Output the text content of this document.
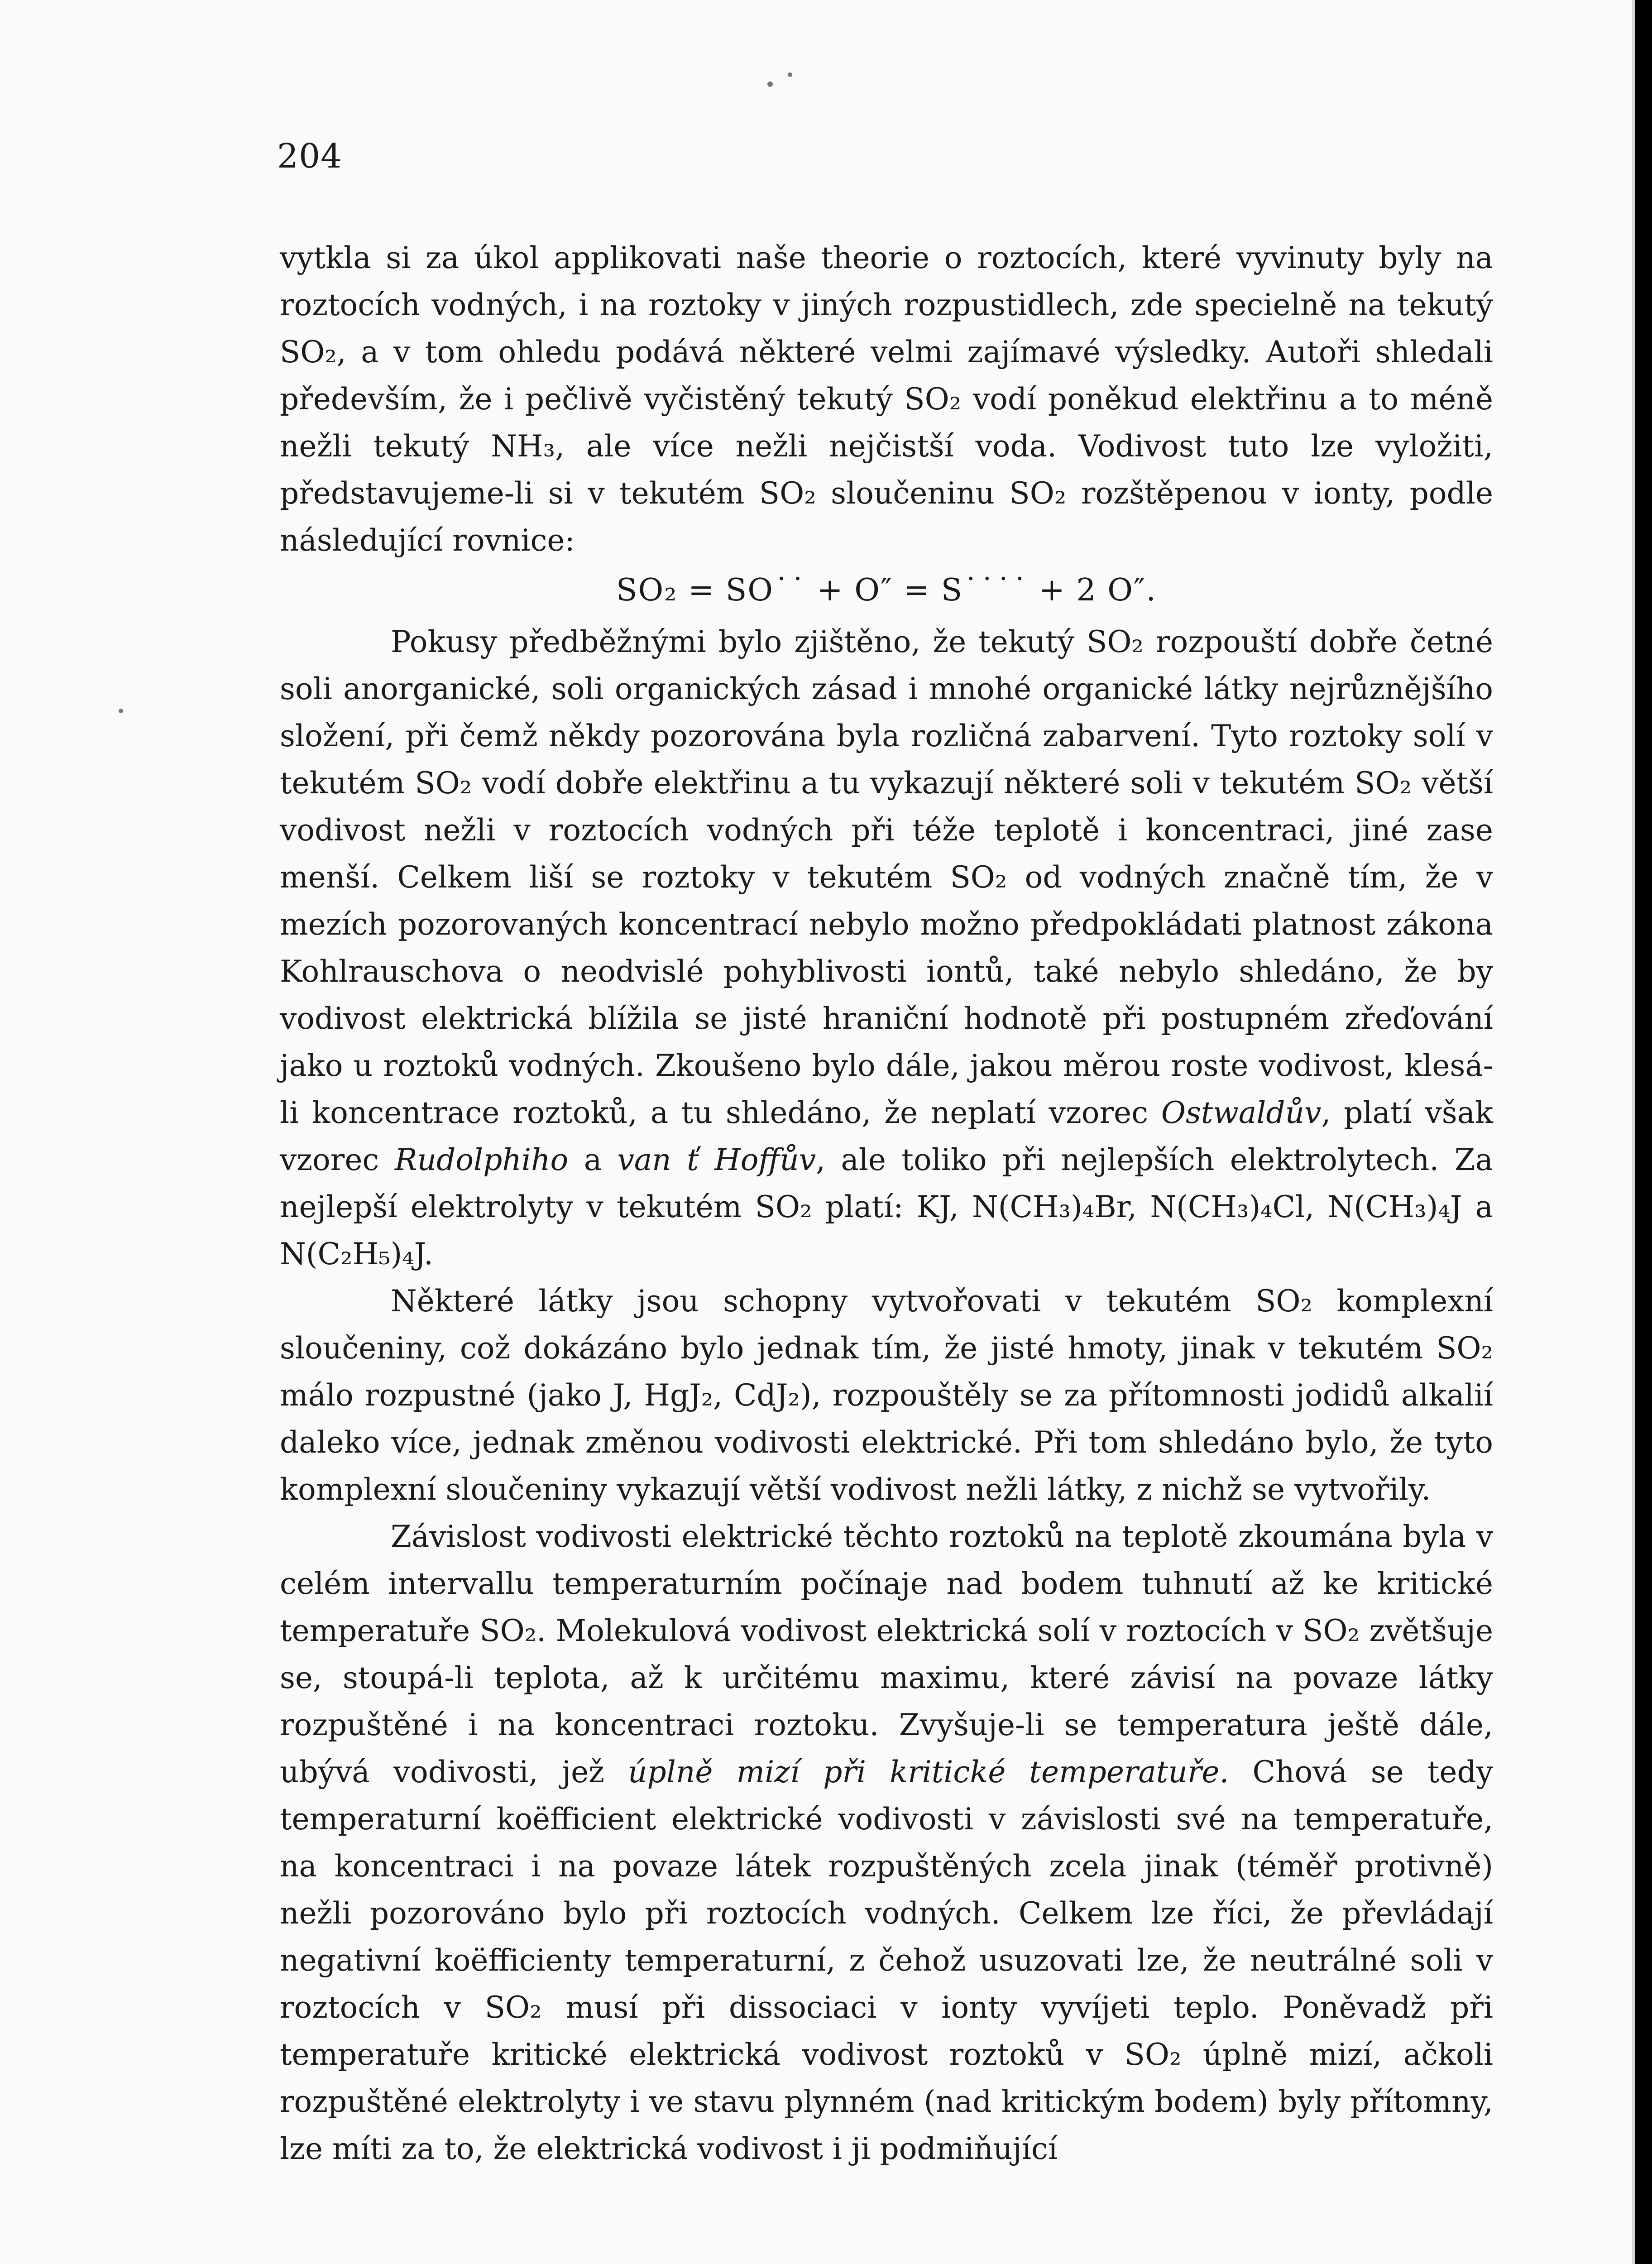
204

vytkla si za úkol applikovati naše theorie o roztocích, které vyvinuty byly na roztocích vodných, i na roztoky v jiných rozpustidlech, zde specielně na tekutý SO₂, a v tom ohledu podává některé velmi zajímavé výsledky. Autoři shledali především, že i pečlivě vyčistěný tekutý SO₂ vodí poněkud elektřinu a to méně nežli tekutý NH₃, ale více nežli nejčistší voda. Vodivost tuto lze vyložiti, představujeme-li si v tekutém SO₂ sloučeninu SO₂ rozštěpenou v ionty, podle následující rovnice:

SO₂ = SO˙˙ + O″ = S˙˙˙˙ + 2 O″.

Pokusy předběžnými bylo zjištěno, že tekutý SO₂ rozpouští dobře četné soli anorganické, soli organických zásad i mnohé organické látky nejrůznějšího složení, při čemž někdy pozorována byla rozličná zabarvení. Tyto roztoky solí v tekutém SO₂ vodí dobře elektřinu a tu vykazují některé soli v tekutém SO₂ větší vodivost nežli v roztocích vodných při téže teplotě i koncentraci, jiné zase menší. Celkem liší se roztoky v tekutém SO₂ od vodných značně tím, že v mezích pozorovaných koncentrací nebylo možno předpokládati platnost zákona Kohlrauschova o neodvislé pohyblivosti iontů, také nebylo shledáno, že by vodivost elektrická blížila se jisté hraniční hodnotě při postupném zřeďování jako u roztoků vodných. Zkoušeno bylo dále, jakou měrou roste vodivost, klesá-li koncentrace roztoků, a tu shledáno, že neplatí vzorec Ostwaldův, platí však vzorec Rudolphiho a van ť Hoffův, ale toliko při nejlepších elektrolytech. Za nejlepší elektrolyty v tekutém SO₂ platí: KJ, N(CH₃)₄Br, N(CH₃)₄Cl, N(CH₃)₄J a N(C₂H₅)₄J.

Některé látky jsou schopny vytvořovati v tekutém SO₂ komplexní sloučeniny, což dokázáno bylo jednak tím, že jisté hmoty, jinak v tekutém SO₂ málo rozpustné (jako J, HgJ₂, CdJ₂), rozpouštěly se za přítomnosti jodidů alkalií daleko více, jednak změnou vodivosti elektrické. Při tom shledáno bylo, že tyto komplexní sloučeniny vykazují větší vodivost nežli látky, z nichž se vytvořily.

Závislost vodivosti elektrické těchto roztoků na teplotě zkoumána byla v celém intervallu temperaturním počínaje nad bodem tuhnutí až ke kritické temperatuře SO₂. Molekulová vodivost elektrická solí v roztocích v SO₂ zvětšuje se, stoupá-li teplota, až k určitému maximu, které závisí na povaze látky rozpuštěné i na koncentraci roztoku. Zvyšuje-li se temperatura ještě dále, ubývá vodivosti, jež úplně mizí při kritické temperatuře. Chová se tedy temperaturní koëfficient elektrické vodivosti v závislosti své na temperatuře, na koncentraci i na povaze látek rozpuštěných zcela jinak (téměř protivně) nežli pozorováno bylo při roztocích vodných. Celkem lze říci, že převládají negativní koëfficienty temperaturní, z čehož usuzovati lze, že neutrálné soli v roztocích v SO₂ musí při dissociaci v ionty vyvíjeti teplo. Poněvadž při temperatuře kritické elektrická vodivost roztoků v SO₂ úplně mizí, ačkoli rozpuštěné elektrolyty i ve stavu plynném (nad kritickým bodem) byly přítomny, lze míti za to, že elektrická vodivost i ji podmiňující
